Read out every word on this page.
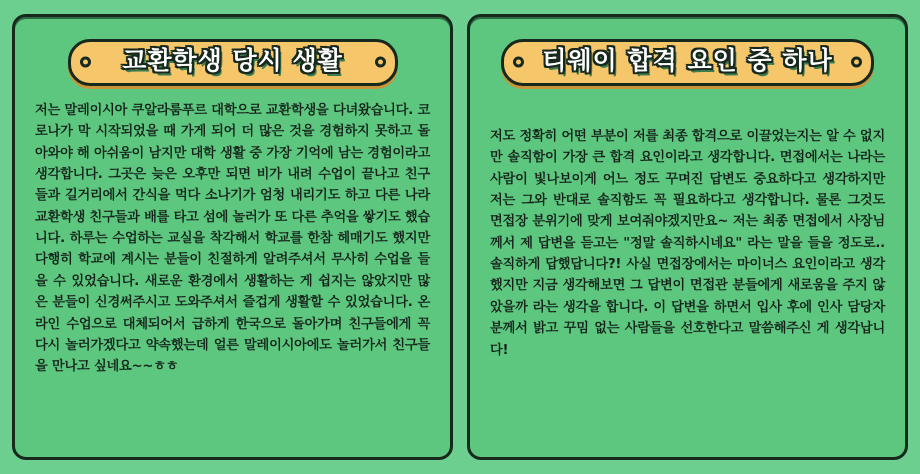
교환학생 당시 생활
저는 말레이시아 쿠알라룸푸르 대학으로 교환학생을 다녀왔습니다. 코로나가 막 시작되었을 때 가게 되어 더 많은 것을 경험하지 못하고 돌아와야 해 아쉬움이 남지만 대학 생활 중 가장 기억에 남는 경험이라고 생각합니다. 그곳은 늦은 오후만 되면 비가 내려 수업이 끝나고 친구들과 길거리에서 간식을 먹다 소나기가 엄청 내리기도 하고 다른 나라 교환학생 친구들과 배를 타고 섬에 놀러가 또 다른 추억을 쌓기도 했습니다. 하루는 수업하는 교실을 착각해서 학교를 한참 헤매기도 했지만 다행히 학교에 계시는 분들이 친절하게 알려주셔서 무사히 수업을 들을 수 있었습니다. 새로운 환경에서 생활하는 게 쉽지는 않았지만 많은 분들이 신경써주시고 도와주셔서 즐겁게 생활할 수 있었습니다. 온라인 수업으로 대체되어서 급하게 한국으로 돌아가며 친구들에게 꼭 다시 놀러가겠다고 약속했는데 얼른 말레이시아에도 놀러가서 친구들을 만나고 싶네요~~ㅎㅎ
티웨이 합격 요인 중 하나
저도 정확히 어떤 부분이 저를 최종 합격으로 이끌었는지는 알 수 없지만 솔직함이 가장 큰 합격 요인이라고 생각합니다. 면접에서는 나라는 사람이 빛나보이게 어느 정도 꾸며진 답변도 중요하다고 생각하지만 저는 그와 반대로 솔직함도 꼭 필요하다고 생각합니다. 물론 그것도 면접장 분위기에 맞게 보여줘야겠지만요~ 저는 최종 면접에서 사장님께서 제 답변을 듣고는 "정말 솔직하시네요" 라는 말을 들을 정도로.. 솔직하게 답했답니다?! 사실 면접장에서는 마이너스 요인이라고 생각했지만 지금 생각해보면 그 답변이 면접관 분들에게 새로움을 주지 않았을까 라는 생각을 합니다. 이 답변을 하면서 입사 후에 인사 담당자분께서 밝고 꾸밈 없는 사람들을 선호한다고 말씀해주신 게 생각납니다!
